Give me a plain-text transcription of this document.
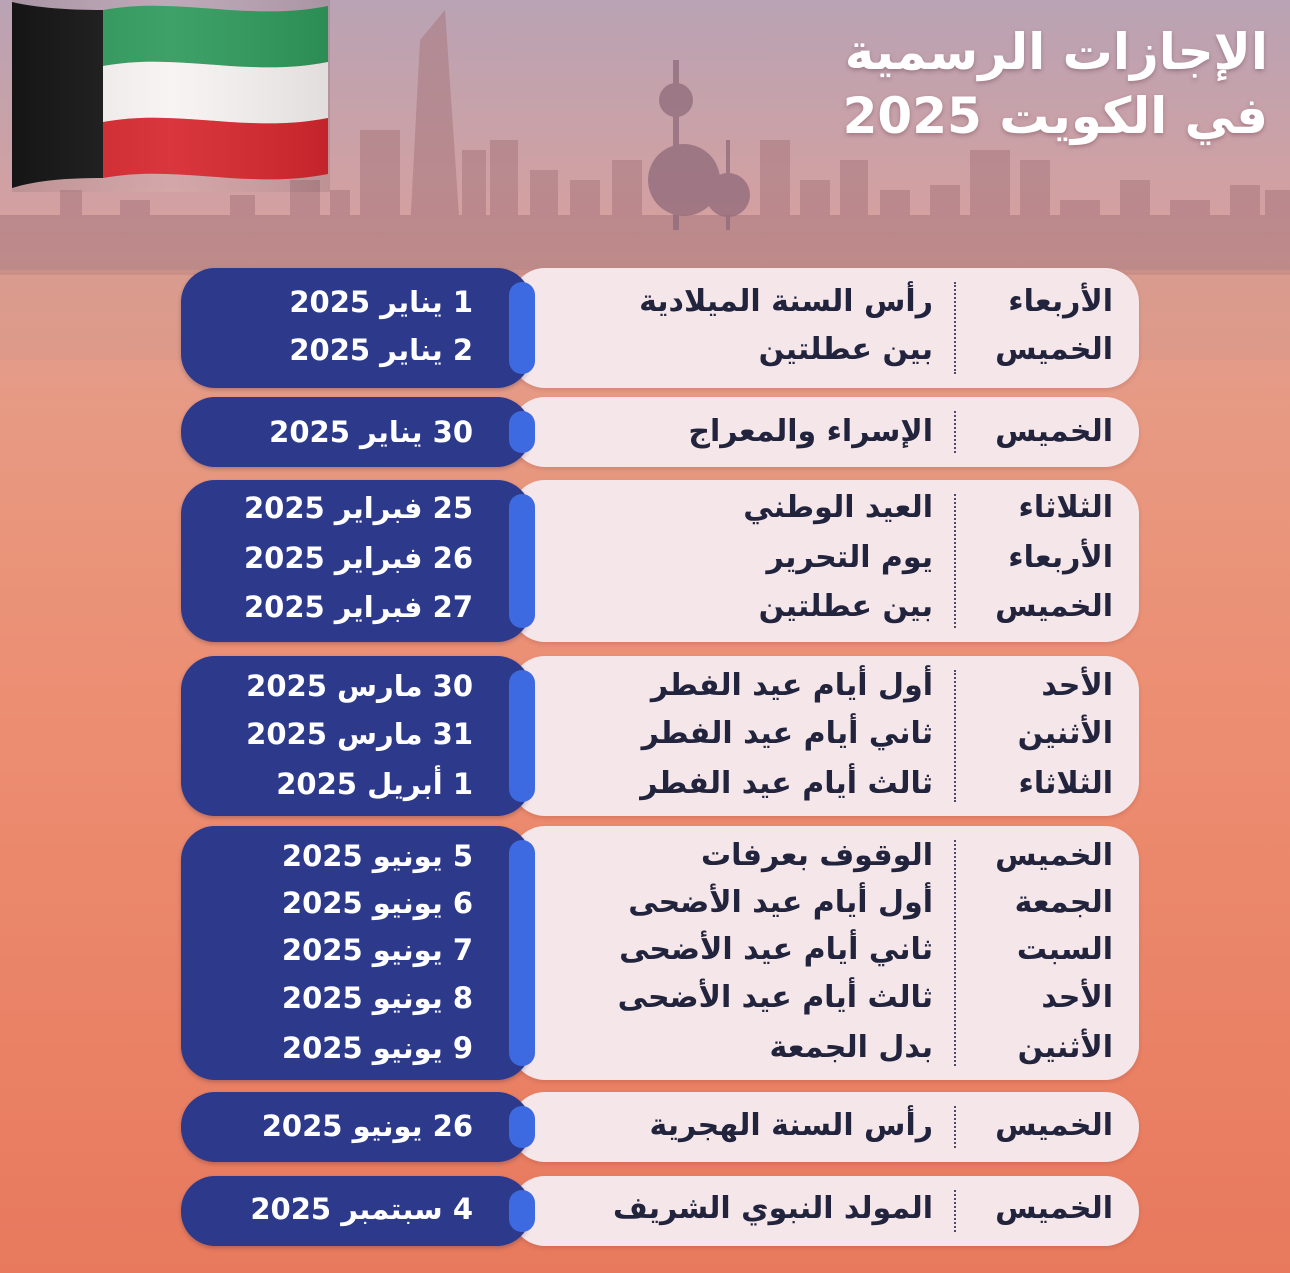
الإجازات الرسمية
في الكويت 2025
الأربعاء
رأس السنة الميلادية
1 يناير 2025
الخميس
بين عطلتين
2 يناير 2025
الخميس
الإسراء والمعراج
30 يناير 2025
الثلاثاء
العيد الوطني
25 فبراير 2025
الأربعاء
يوم التحرير
26 فبراير 2025
الخميس
بين عطلتين
27 فبراير 2025
الأحد
أول أيام عيد الفطر
30 مارس 2025
الأثنين
ثاني أيام عيد الفطر
31 مارس 2025
الثلاثاء
ثالث أيام عيد الفطر
1 أبريل 2025
الخميس
الوقوف بعرفات
5 يونيو 2025
الجمعة
أول أيام عيد الأضحى
6 يونيو 2025
السبت
ثاني أيام عيد الأضحى
7 يونيو 2025
الأحد
ثالث أيام عيد الأضحى
8 يونيو 2025
الأثنين
بدل الجمعة
9 يونيو 2025
الخميس
رأس السنة الهجرية
26 يونيو 2025
الخميس
المولد النبوي الشريف
4 سبتمبر 2025
